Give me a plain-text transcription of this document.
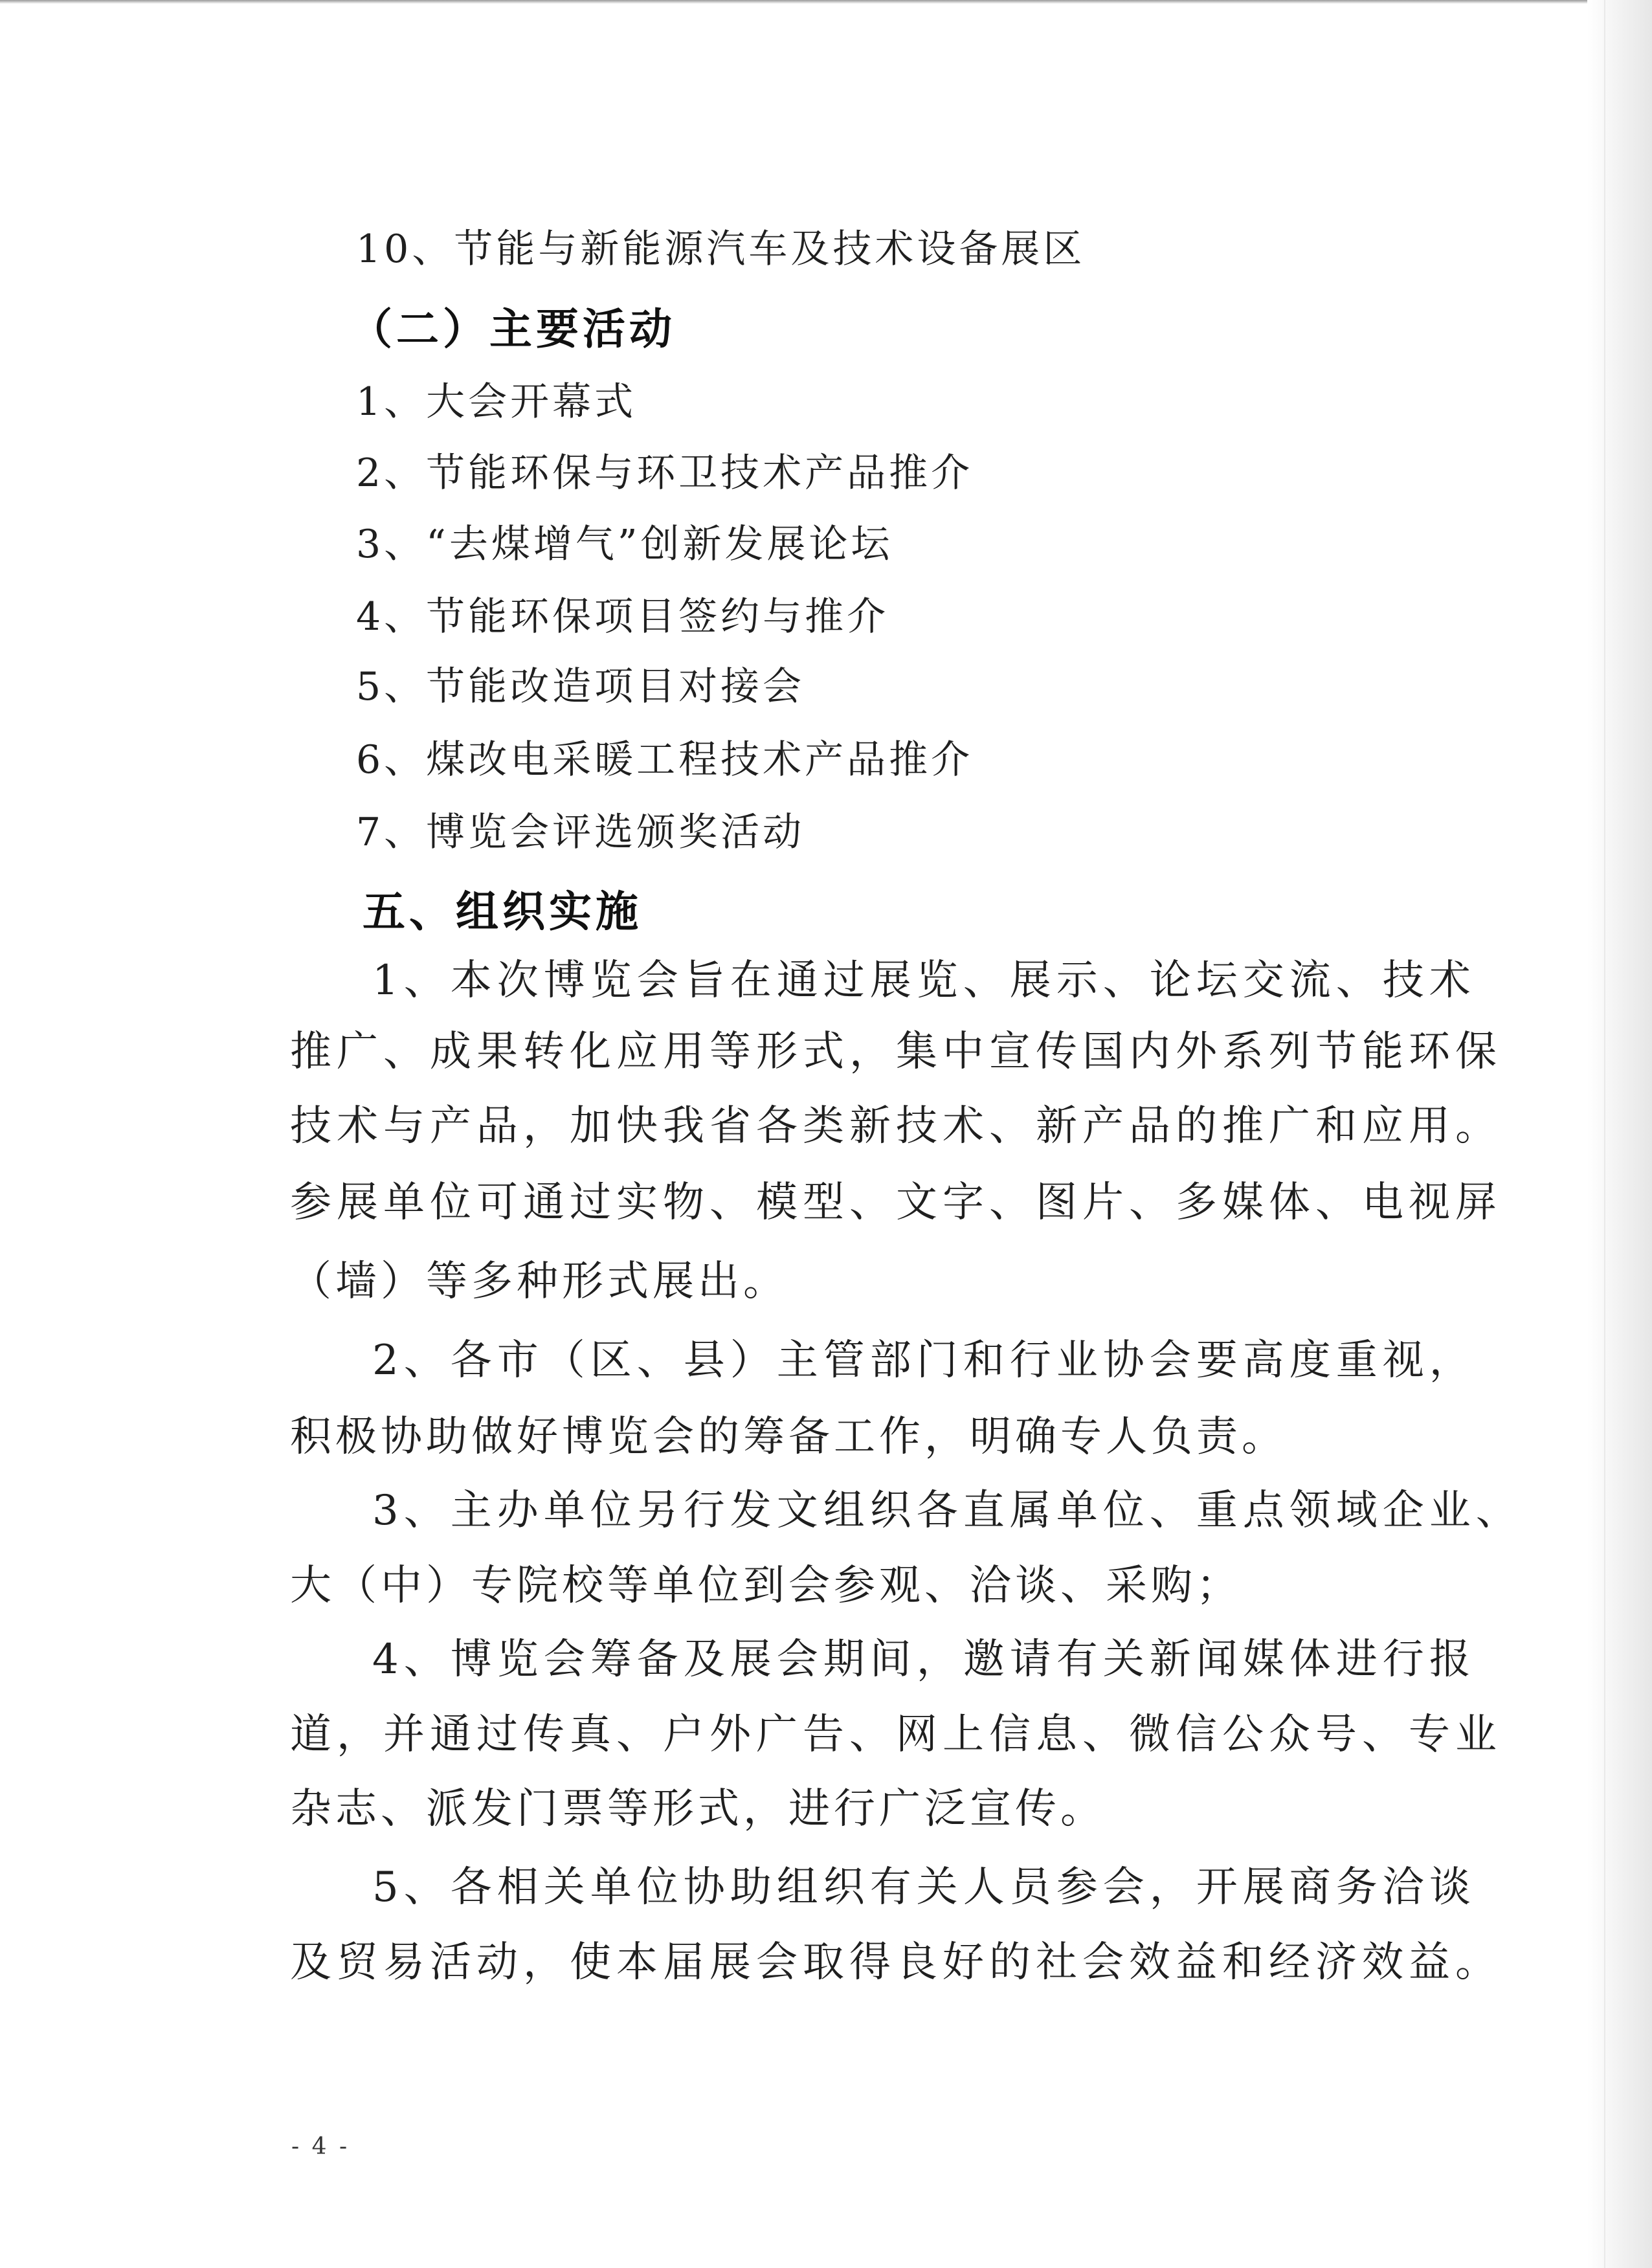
10、节能与新能源汽车及技术设备展区
（二）主要活动
1、大会开幕式
2、节能环保与环卫技术产品推介
3、“去煤增气”创新发展论坛
4、节能环保项目签约与推介
5、节能改造项目对接会
6、煤改电采暖工程技术产品推介
7、博览会评选颁奖活动
五、组织实施
1、本次博览会旨在通过展览、展示、论坛交流、技术
推广、成果转化应用等形式，集中宣传国内外系列节能环保
技术与产品，加快我省各类新技术、新产品的推广和应用。
参展单位可通过实物、模型、文字、图片、多媒体、电视屏
（墙）等多种形式展出。
2、各市（区、县）主管部门和行业协会要高度重视，
积极协助做好博览会的筹备工作，明确专人负责。
3、主办单位另行发文组织各直属单位、重点领域企业、
大（中）专院校等单位到会参观、洽谈、采购；
4、博览会筹备及展会期间，邀请有关新闻媒体进行报
道，并通过传真、户外广告、网上信息、微信公众号、专业
杂志、派发门票等形式，进行广泛宣传。
5、各相关单位协助组织有关人员参会，开展商务洽谈
及贸易活动，使本届展会取得良好的社会效益和经济效益。
- 4 -
